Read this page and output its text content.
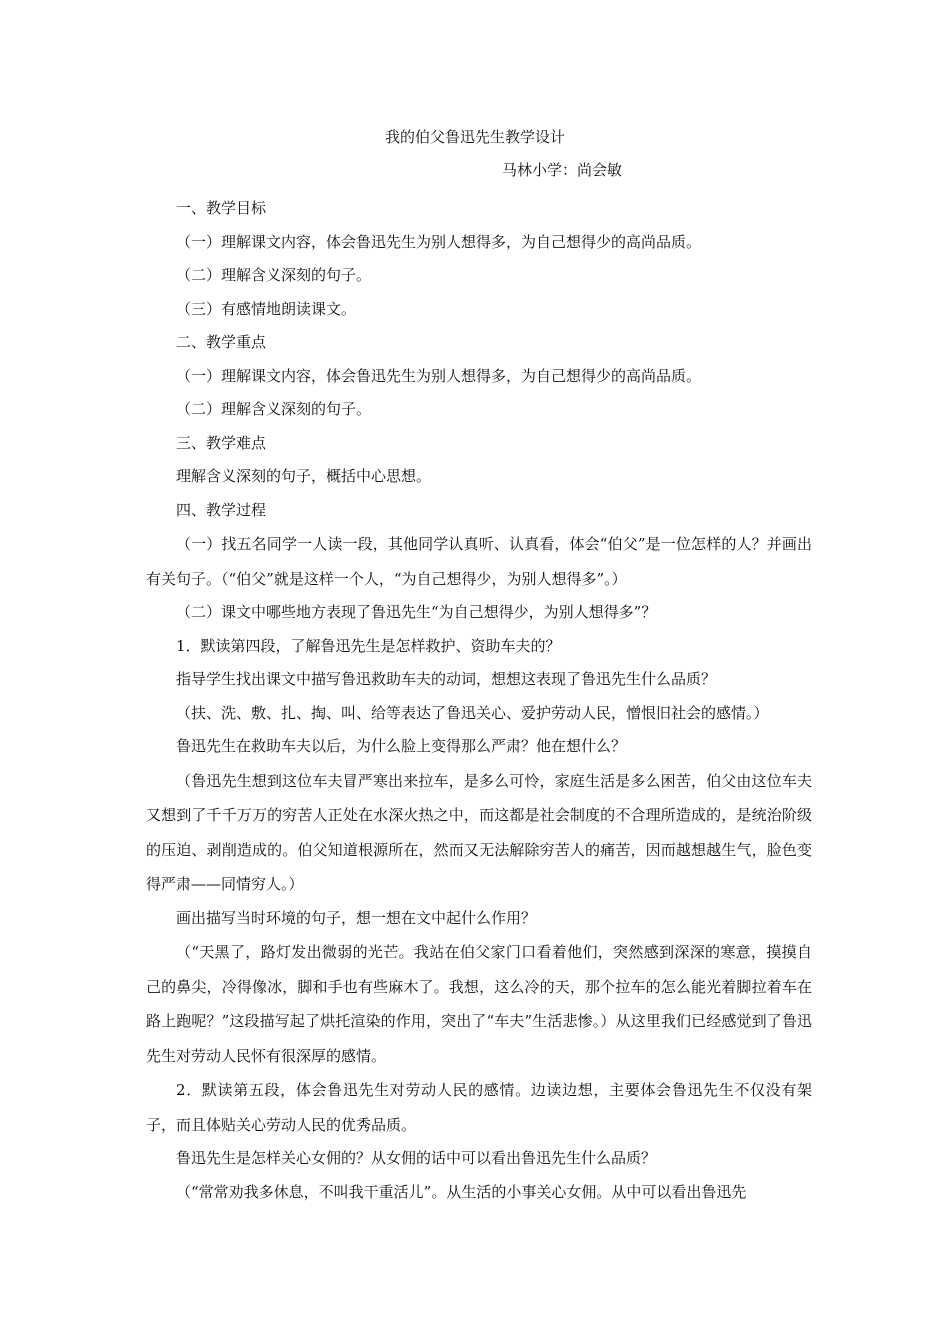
我的伯父鲁迅先生教学设计
马林小学：尚会敏

一、教学目标

（一）理解课文内容，体会鲁迅先生为别人想得多，为自己想得少的高尚品质。

（二）理解含义深刻的句子。

（三）有感情地朗读课文。

二、教学重点

（一）理解课文内容，体会鲁迅先生为别人想得多，为自己想得少的高尚品质。

（二）理解含义深刻的句子。

三、教学难点

理解含义深刻的句子，概括中心思想。

四、教学过程

（一）找五名同学一人读一段，其他同学认真听、认真看，体会“伯父”是一位怎样的人？并画出有关句子。（“伯父”就是这样一个人，“为自己想得少，为别人想得多”。）

（二）课文中哪些地方表现了鲁迅先生“为自己想得少，为别人想得多”？

1．默读第四段，了解鲁迅先生是怎样救护、资助车夫的？

指导学生找出课文中描写鲁迅救助车夫的动词，想想这表现了鲁迅先生什么品质？

（扶、洗、敷、扎、掏、叫、给等表达了鲁迅关心、爱护劳动人民，憎恨旧社会的感情。）

鲁迅先生在救助车夫以后，为什么脸上变得那么严肃？他在想什么？

（鲁迅先生想到这位车夫冒严寒出来拉车，是多么可怜，家庭生活是多么困苦，伯父由这位车夫又想到了千千万万的穷苦人正处在水深火热之中，而这都是社会制度的不合理所造成的，是统治阶级的压迫、剥削造成的。伯父知道根源所在，然而又无法解除穷苦人的痛苦，因而越想越生气，脸色变得严肃——同情穷人。）

画出描写当时环境的句子，想一想在文中起什么作用？

（“天黑了，路灯发出微弱的光芒。我站在伯父家门口看着他们，突然感到深深的寒意，摸摸自己的鼻尖，冷得像冰，脚和手也有些麻木了。我想，这么冷的天，那个拉车的怎么能光着脚拉着车在路上跑呢？”这段描写起了烘托渲染的作用，突出了“车夫”生活悲惨。）从这里我们已经感觉到了鲁迅先生对劳动人民怀有很深厚的感情。

2．默读第五段，体会鲁迅先生对劳动人民的感情。边读边想，主要体会鲁迅先生不仅没有架子，而且体贴关心劳动人民的优秀品质。

鲁迅先生是怎样关心女佣的？从女佣的话中可以看出鲁迅先生什么品质？

（“常常劝我多休息，不叫我干重活儿”。从生活的小事关心女佣。从中可以看出鲁迅先
